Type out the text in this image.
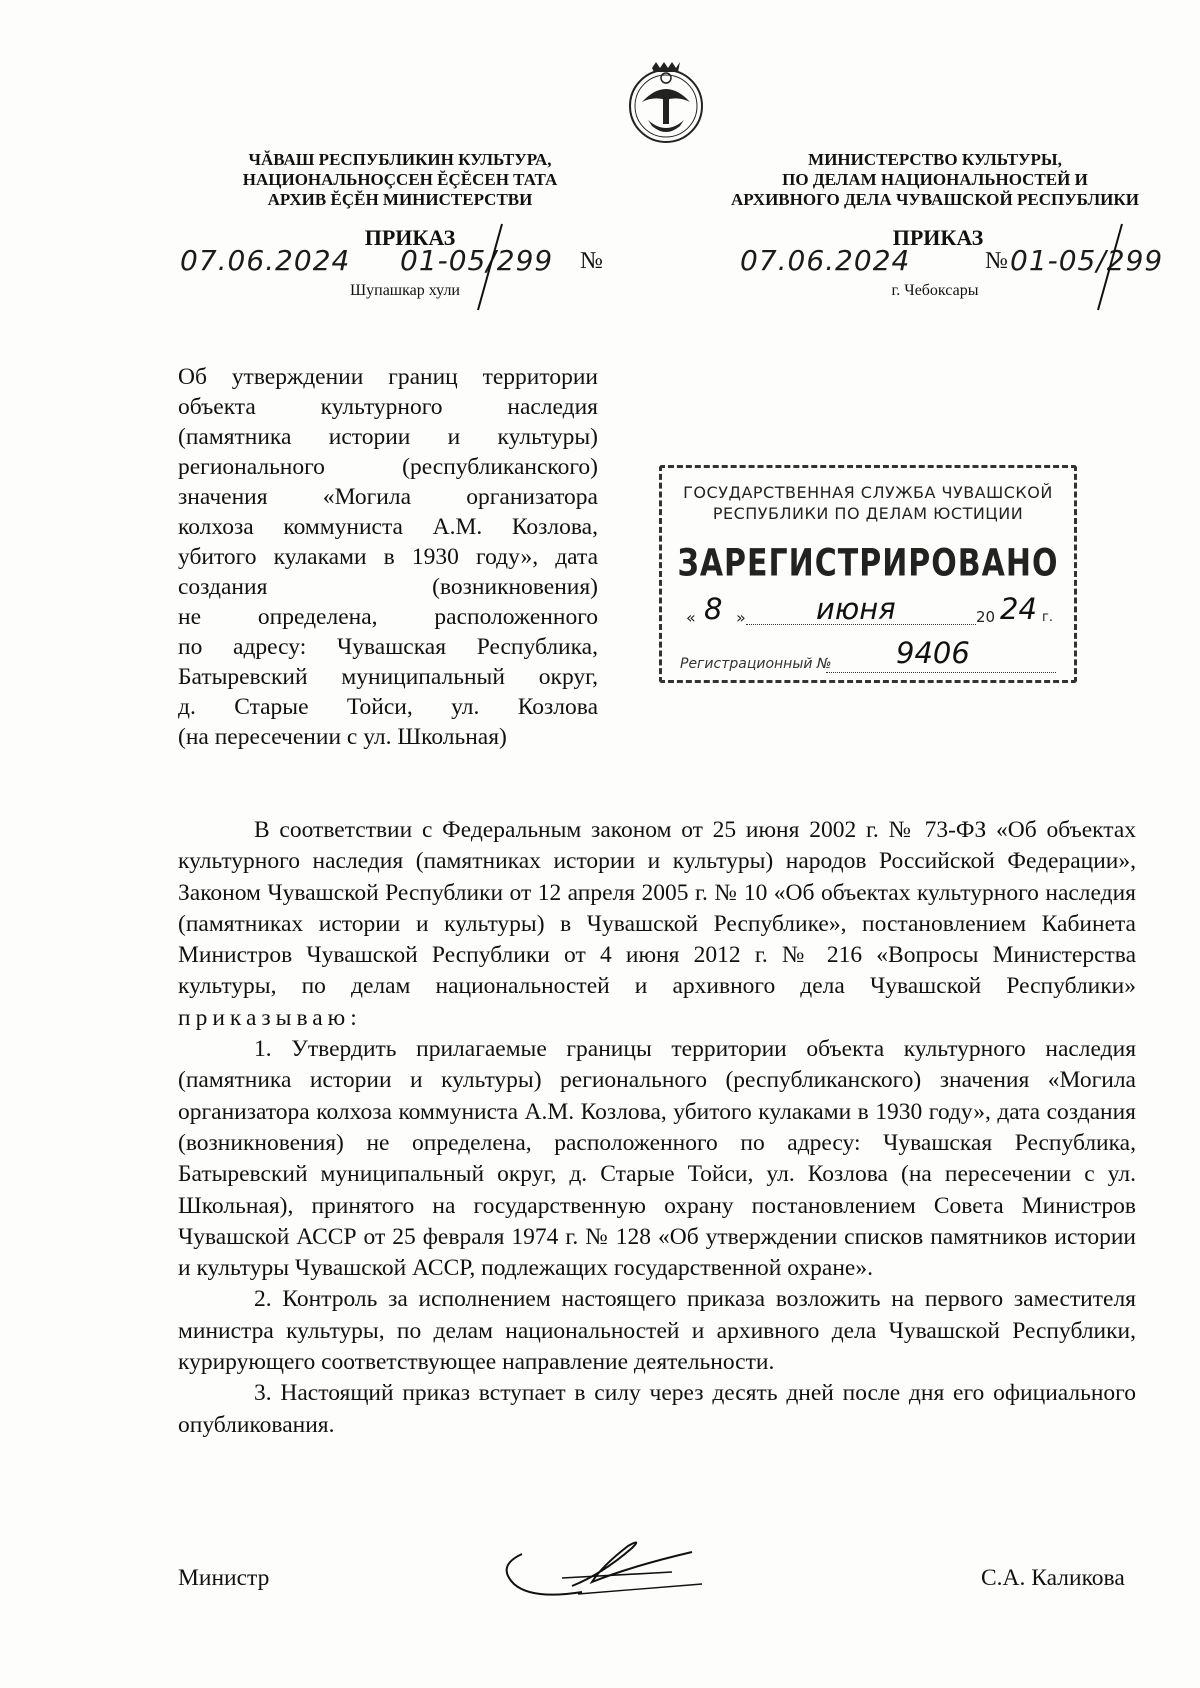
ЧĂВАШ РЕСПУБЛИКИН КУЛЬТУРА,
НАЦИОНАЛЬНОÇСЕН ĔÇĔСЕН ТАТА
АРХИВ ĔÇĔН МИНИСТЕРСТВИ
МИНИСТЕРСТВО КУЛЬТУРЫ,
ПО ДЕЛАМ НАЦИОНАЛЬНОСТЕЙ И
АРХИВНОГО ДЕЛА ЧУВАШСКОЙ РЕСПУБЛИКИ
ПРИКАЗ
07.06.2024 01-05/299 №
Шупашкар хули
ПРИКАЗ
07.06.2024	№ 01-05/299
г. Чебоксары
Об утверждении границ территории
объекта культурного наследия
(памятника истории и культуры)
регионального (республиканского)
значения «Могила организатора
колхоза коммуниста А.М. Козлова,
убитого кулаками в 1930 году», дата
создания (возникновения)
не определена, расположенного
по адресу: Чувашская Республика,
Батыревский муниципальный округ,
д. Старые Тойси, ул. Козлова
(на пересечении с ул. Школьная)
ГОСУДАРСТВЕННАЯ СЛУЖБА ЧУВАШСКОЙ
РЕСПУБЛИКИ ПО ДЕЛАМ ЮСТИЦИИ
ЗАРЕГИСТРИРОВАНО
« 8 » июня	20 24 г.
Регистрационный № 9406

В соответствии с Федеральным законом от 25 июня 2002 г. № 73-ФЗ «Об объектах культурного наследия (памятниках истории и культуры) народов Российской Федерации», Законом Чувашской Республики от 12 апреля 2005 г. № 10 «Об объектах культурного наследия (памятниках истории и культуры) в Чувашской Республике», постановлением Кабинета Министров Чувашской Республики от 4 июня 2012 г. № 216 «Вопросы Министерства культуры, по делам национальностей и архивного дела Чувашской Республики» приказываю:

1. Утвердить прилагаемые границы территории объекта культурного наследия (памятника истории и культуры) регионального (республиканского) значения «Могила организатора колхоза коммуниста А.М. Козлова, убитого кулаками в 1930 году», дата создания (возникновения) не определена, расположенного по адресу: Чувашская Республика, Батыревский муниципальный округ, д. Старые Тойси, ул. Козлова (на пересечении с ул. Школьная), принятого на государственную охрану постановлением Совета Министров Чувашской АССР от 25 февраля 1974 г. № 128 «Об утверждении списков памятников истории и культуры Чувашской АССР, подлежащих государственной охране».

2. Контроль за исполнением настоящего приказа возложить на первого заместителя министра культуры, по делам национальностей и архивного дела Чувашской Республики, курирующего соответствующее направление деятельности.

3. Настоящий приказ вступает в силу через десять дней после дня его официального опубликования.

Министр	С.А. Каликова
